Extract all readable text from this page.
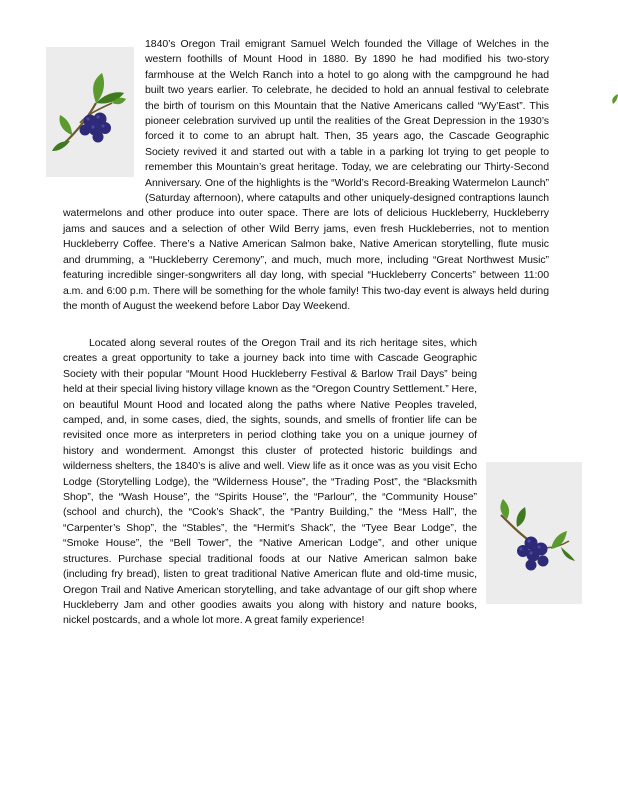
1840’s Oregon Trail emigrant Samuel Welch founded the Village of Welches in the western foothills of Mount Hood in 1880. By 1890 he had modified his two-story farmhouse at the Welch Ranch into a hotel to go along with the campground he had built two years earlier. To celebrate, he decided to hold an annual festival to celebrate the birth of tourism on this Mountain that the Native Americans called “Wy’East”. This pioneer celebration survived up until the realities of the Great Depression in the 1930’s forced it to come to an abrupt halt. Then, 35 years ago, the Cascade Geographic Society revived it and started out with a table in a parking lot trying to get people to remember this Mountain’s great heritage. Today, we are celebrating our Thirty-Second Anniversary. One of the highlights is the “World’s Record-Breaking Watermelon Launch” (Saturday afternoon), where catapults and other uniquely-designed contraptions launch watermelons and other produce into outer space. There are lots of delicious Huckleberry, Huckleberry jams and sauces and a selection of other Wild Berry jams, even fresh Huckleberries, not to mention Huckleberry Coffee. There’s a Native American Salmon bake, Native American storytelling, flute music and drumming, a “Huckleberry Ceremony”, and much, much more, including “Great Northwest Music” featuring incredible singer-songwriters all day long, with special “Huckleberry Concerts” between 11:00 a.m. and 6:00 p.m. There will be something for the whole family! This two-day event is always held during the month of August the weekend before Labor Day Weekend.

Located along several routes of the Oregon Trail and its rich heritage sites, which creates a great opportunity to take a journey back into time with Cascade Geographic Society with their popular “Mount Hood Huckleberry Festival & Barlow Trail Days” being held at their special living history village known as the “Oregon Country Settlement.” Here, on beautiful Mount Hood and located along the paths where Native Peoples traveled, camped, and, in some cases, died, the sights, sounds, and smells of frontier life can be revisited once more as interpreters in period clothing take you on a unique journey of history and wonderment. Amongst this cluster of protected historic buildings and wilderness shelters, the 1840’s is alive and well. View life as it once was as you visit Echo Lodge (Storytelling Lodge), the “Wilderness House”, the “Trading Post”, the “Blacksmith Shop”, the “Wash House”, the “Spirits House”, the “Parlour”, the “Community House” (school and church), the “Cook’s Shack”, the “Pantry Building,” the “Mess Hall”, the “Carpenter’s Shop”, the “Stables”, the “Hermit’s Shack”, the “Tyee Bear Lodge”, the “Smoke House”, the “Bell Tower”, the “Native American Lodge”, and other unique structures. Purchase special traditional foods at our Native American salmon bake (including fry bread), listen to great traditional Native American flute and old-time music, Oregon Trail and Native American storytelling, and take advantage of our gift shop where Huckleberry Jam and other goodies awaits you along with history and nature books, nickel postcards, and a whole lot more. A great family experience!
